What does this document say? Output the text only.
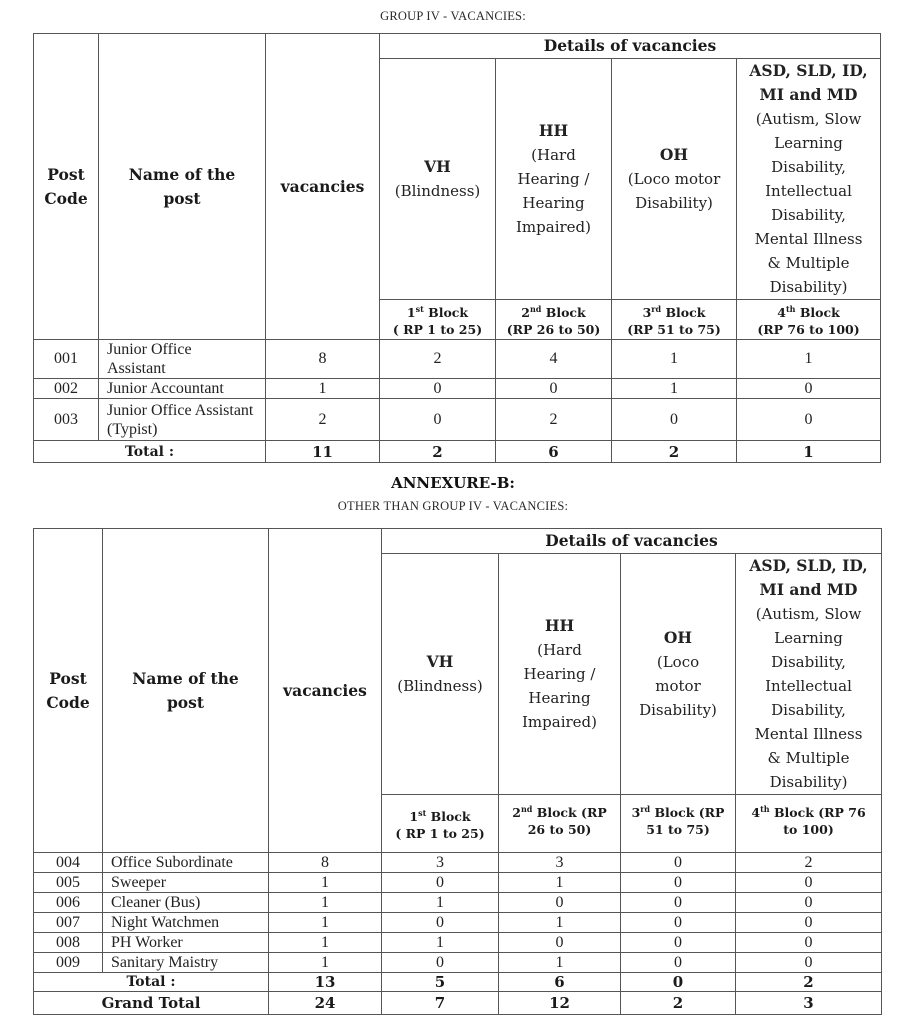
GROUP IV - VACANCIES:
Post
Code

Name of the
post

vacancies
	Details of vacancies

VH
(Blindness)

HH
(Hard
Hearing /
Hearing
Impaired)

OH
(Loco motor
Disability)

ASD, SLD, ID,
MI and MD
(Autism, Slow
Learning
Disability,
Intellectual
Disability,
Mental Illness
& Multiple
Disability)

1st Block
( RP 1 to 25)

2nd Block
(RP 26 to 50)

3rd Block
(RP 51 to 75)

4th Block
(RP 76 to 100)

001	Junior Office Assistant	8	2	4	1	1
002	Junior Accountant	1	0	0	1	0
003	Junior Office Assistant (Typist)	2	0	2	0	0
Total :		11	2	6	2	1
ANNEXURE-B:
OTHER THAN GROUP IV - VACANCIES:
Post
Code

Name of the
post

vacancies
	Details of vacancies

VH
(Blindness)

HH
(Hard
Hearing /
Hearing
Impaired)

OH
(Loco
motor
Disability)

ASD, SLD, ID,
MI and MD
(Autism, Slow
Learning
Disability,
Intellectual
Disability,
Mental Illness
& Multiple
Disability)

1st Block
( RP 1 to 25)

2nd Block (RP
26 to 50)

3rd Block (RP
51 to 75)

4th Block (RP 76
to 100)

004	Office Subordinate	8	3	3	0	2
005	Sweeper	1	0	1	0	0
006	Cleaner (Bus)	1	1	0	0	0
007	Night Watchmen	1	0	1	0	0
008	PH Worker	1	1	0	0	0
009	Sanitary Maistry	1	0	1	0	0
Total :		13	5	6	0	2
Grand Total		24	7	12	2	3
